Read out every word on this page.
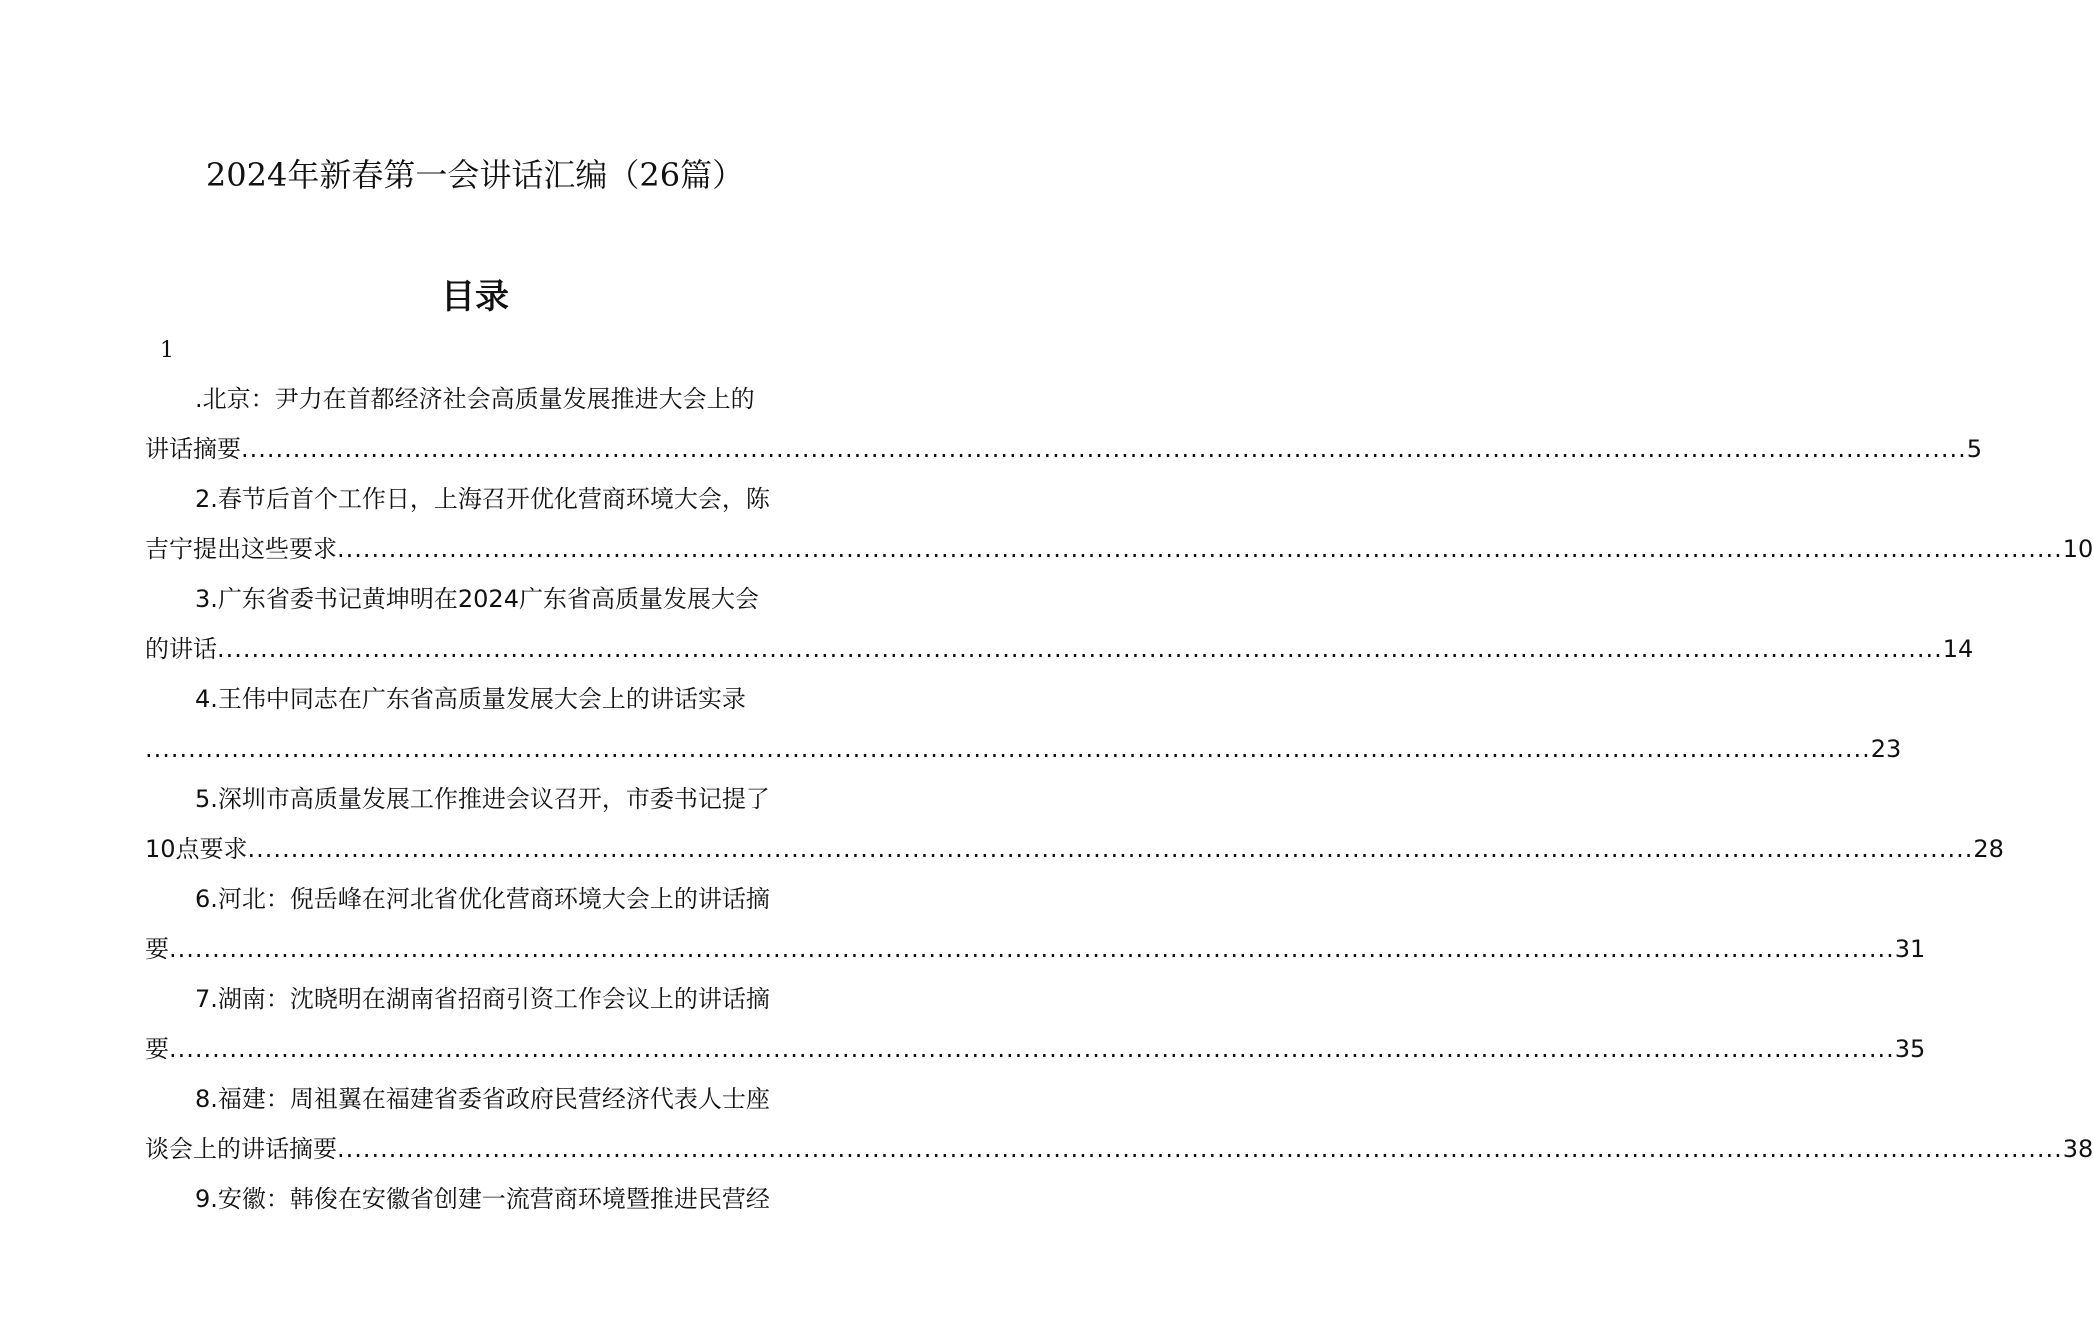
2024年新春第一会讲话汇编（26篇）
目录
1
.北京：尹力在首都经济社会高质量发展推进大会上的
讲话摘要 ........................................................................................................................................................................................................ 5
2.春节后首个工作日，上海召开优化营商环境大会，陈
吉宁提出这些要求 ........................................................................................................................................................................................................ 10
3.广东省委书记黄坤明在2024广东省高质量发展大会
的讲话 ........................................................................................................................................................................................................ 14
4.王伟中同志在广东省高质量发展大会上的讲话实录
........................................................................................................................................................................................................ 23
5.深圳市高质量发展工作推进会议召开，市委书记提了
10点要求 ........................................................................................................................................................................................................ 28
6.河北：倪岳峰在河北省优化营商环境大会上的讲话摘
要 ........................................................................................................................................................................................................ 31
7.湖南：沈晓明在湖南省招商引资工作会议上的讲话摘
要 ........................................................................................................................................................................................................ 35
8.福建：周祖翼在福建省委省政府民营经济代表人士座
谈会上的讲话摘要 ........................................................................................................................................................................................................ 38
9.安徽：韩俊在安徽省创建一流营商环境暨推进民营经
